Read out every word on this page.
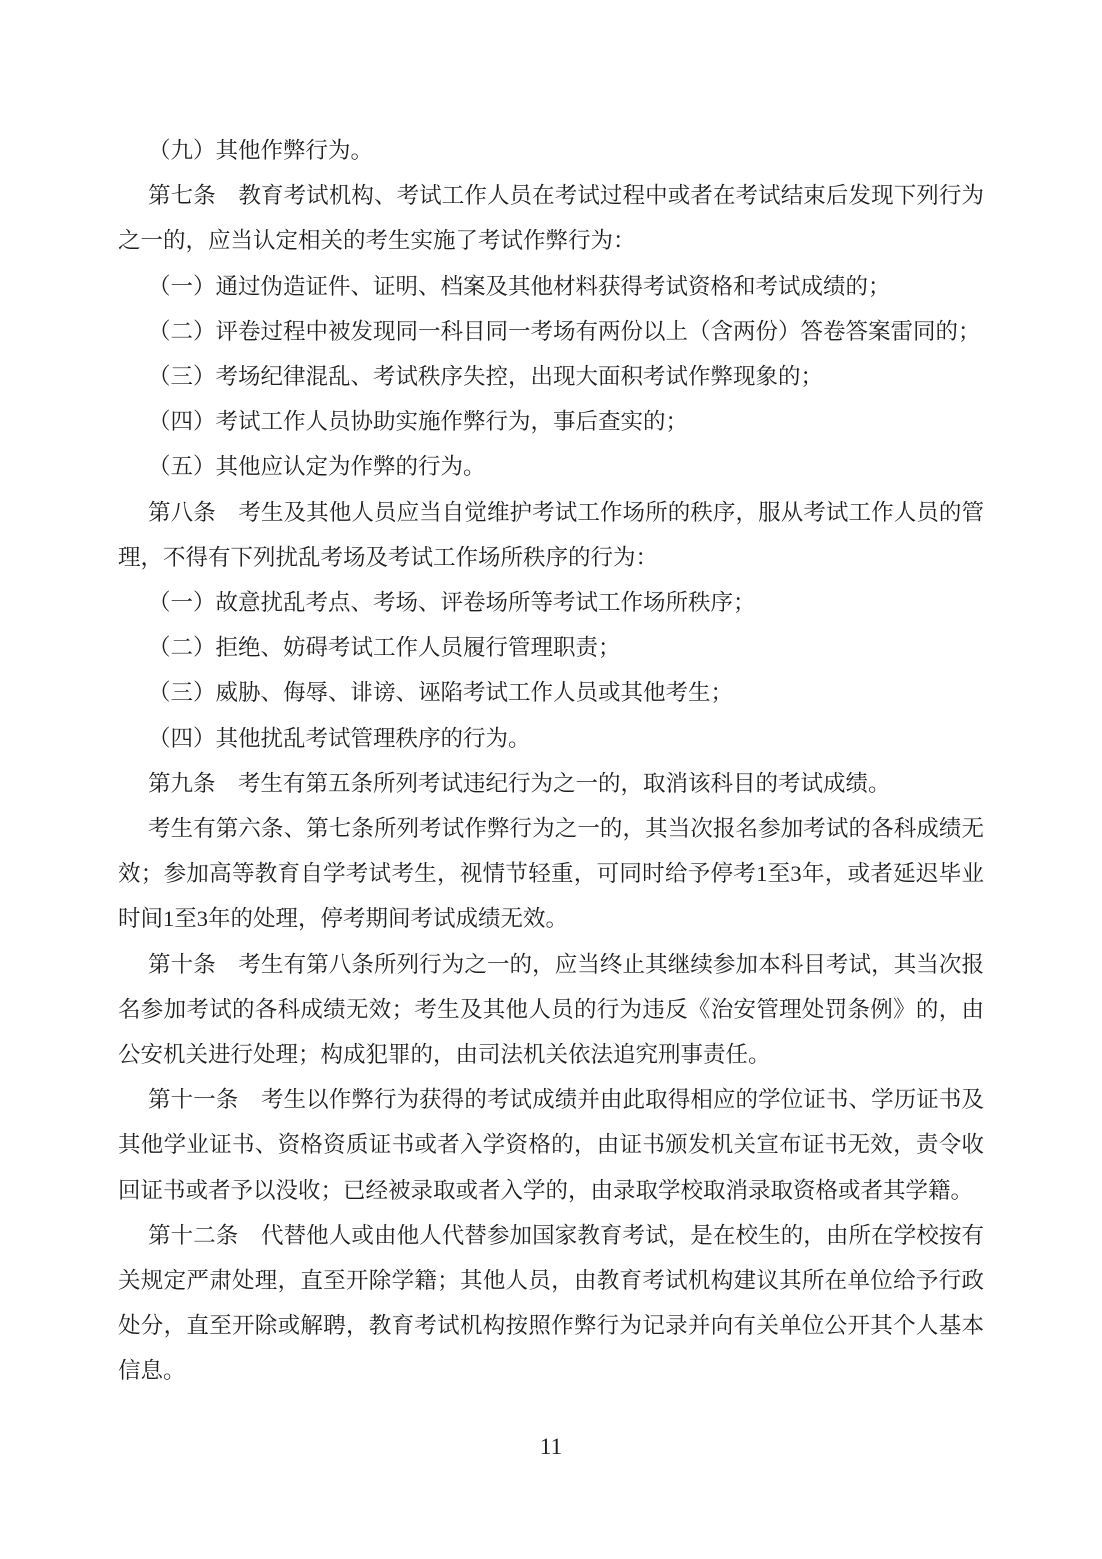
（九）其他作弊行为。

第七条　教育考试机构、考试工作人员在考试过程中或者在考试结束后发现下列行为之一的，应当认定相关的考生实施了考试作弊行为：

（一）通过伪造证件、证明、档案及其他材料获得考试资格和考试成绩的；

（二）评卷过程中被发现同一科目同一考场有两份以上（含两份）答卷答案雷同的；

（三）考场纪律混乱、考试秩序失控，出现大面积考试作弊现象的；

（四）考试工作人员协助实施作弊行为，事后查实的；

（五）其他应认定为作弊的行为。

第八条　考生及其他人员应当自觉维护考试工作场所的秩序，服从考试工作人员的管理，不得有下列扰乱考场及考试工作场所秩序的行为：

（一）故意扰乱考点、考场、评卷场所等考试工作场所秩序；

（二）拒绝、妨碍考试工作人员履行管理职责；

（三）威胁、侮辱、诽谤、诬陷考试工作人员或其他考生；

（四）其他扰乱考试管理秩序的行为。

第九条　考生有第五条所列考试违纪行为之一的，取消该科目的考试成绩。

考生有第六条、第七条所列考试作弊行为之一的，其当次报名参加考试的各科成绩无效；参加高等教育自学考试考生，视情节轻重，可同时给予停考1至3年，或者延迟毕业时间1至3年的处理，停考期间考试成绩无效。

第十条　考生有第八条所列行为之一的，应当终止其继续参加本科目考试，其当次报名参加考试的各科成绩无效；考生及其他人员的行为违反《治安管理处罚条例》的，由公安机关进行处理；构成犯罪的，由司法机关依法追究刑事责任。

第十一条　考生以作弊行为获得的考试成绩并由此取得相应的学位证书、学历证书及其他学业证书、资格资质证书或者入学资格的，由证书颁发机关宣布证书无效，责令收回证书或者予以没收；已经被录取或者入学的，由录取学校取消录取资格或者其学籍。

第十二条　代替他人或由他人代替参加国家教育考试，是在校生的，由所在学校按有关规定严肃处理，直至开除学籍；其他人员，由教育考试机构建议其所在单位给予行政处分，直至开除或解聘，教育考试机构按照作弊行为记录并向有关单位公开其个人基本信息。

11
